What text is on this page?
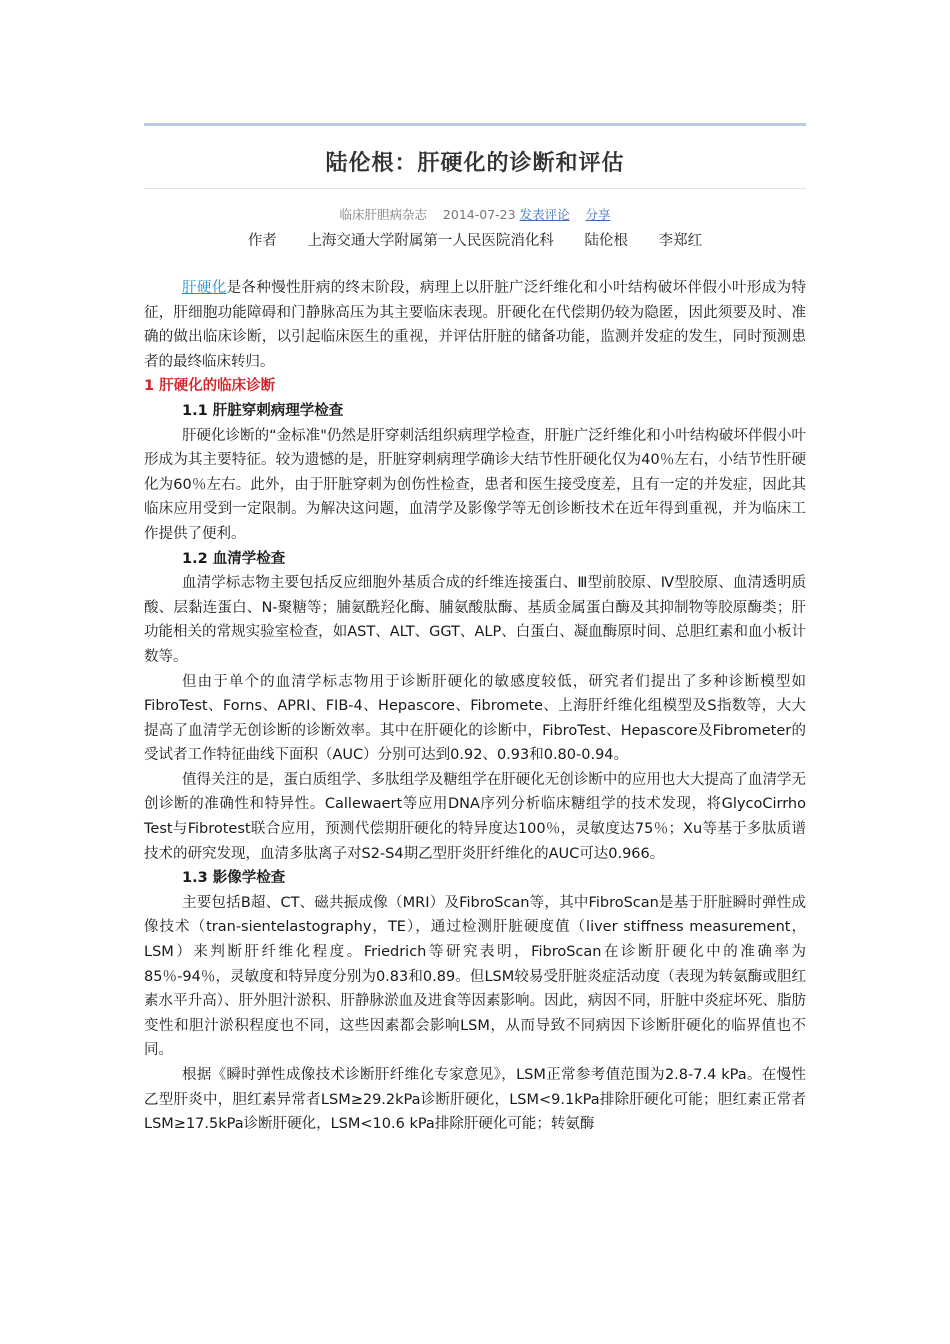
陆伦根：肝硬化的诊断和评估
临床肝胆病杂志 2014-07-23 发表评论 分享
作者 上海交通大学附属第一人民医院消化科 陆伦根 李郑红

肝硬化是各种慢性肝病的终末阶段，病理上以肝脏广泛纤维化和小叶结构破坏伴假小叶形成为特征，肝细胞功能障碍和门静脉高压为其主要临床表现。肝硬化在代偿期仍较为隐匿，因此须要及时、准确的做出临床诊断，以引起临床医生的重视，并评估肝脏的储备功能，监测并发症的发生，同时预测患者的最终临床转归。

1 肝硬化的临床诊断

1.1 肝脏穿刺病理学检查

肝硬化诊断的“金标准"仍然是肝穿刺活组织病理学检查，肝脏广泛纤维化和小叶结构破坏伴假小叶形成为其主要特征。较为遗憾的是，肝脏穿刺病理学确诊大结节性肝硬化仅为40％左右，小结节性肝硬化为60％左右。此外，由于肝脏穿刺为创伤性检查，患者和医生接受度差，且有一定的并发症，因此其临床应用受到一定限制。为解决这问题，血清学及影像学等无创诊断技术在近年得到重视，并为临床工作提供了便利。

1.2 血清学检查

血清学标志物主要包括反应细胞外基质合成的纤维连接蛋白、Ⅲ型前胶原、Ⅳ型胶原、血清透明质酸、层黏连蛋白、N-聚糖等；脯氨酰羟化酶、脯氨酸肽酶、基质金属蛋白酶及其抑制物等胶原酶类；肝功能相关的常规实验室检查，如AST、ALT、GGT、ALP、白蛋白、凝血酶原时间、总胆红素和血小板计数等。

但由于单个的血清学标志物用于诊断肝硬化的敏感度较低，研究者们提出了多种诊断模型如FibroTest、Forns、APRI、FIB-4、Hepascore、Fibromete、上海肝纤维化组模型及S指数等，大大提高了血清学无创诊断的诊断效率。其中在肝硬化的诊断中，FibroTest、Hepascore及Fibrometer的受试者工作特征曲线下面积（AUC）分别可达到0.92、0.93和0.80-0.94。

值得关注的是，蛋白质组学、多肽组学及糖组学在肝硬化无创诊断中的应用也大大提高了血清学无创诊断的准确性和特异性。Callewaert等应用DNA序列分析临床糖组学的技术发现，将GlycoCirrho Test与Fibrotest联合应用，预测代偿期肝硬化的特异度达100％，灵敏度达75％；Xu等基于多肽质谱技术的研究发现，血清多肽离子对S2-S4期乙型肝炎肝纤维化的AUC可达0.966。

1.3 影像学检查

主要包括B超、CT、磁共振成像（MRI）及FibroScan等，其中FibroScan是基于肝脏瞬时弹性成像技术（tran-sientelastography，TE），通过检测肝脏硬度值（liver stiffness measurement，LSM）来判断肝纤维化程度。Friedrich等研究表明，FibroScan在诊断肝硬化中的准确率为85％-94％，灵敏度和特异度分别为0.83和0.89。但LSM较易受肝脏炎症活动度（表现为转氨酶或胆红素水平升高）、肝外胆汁淤积、肝静脉淤血及进食等因素影响。因此，病因不同，肝脏中炎症坏死、脂肪变性和胆汁淤积程度也不同，这些因素都会影响LSM，从而导致不同病因下诊断肝硬化的临界值也不同。

根据《瞬时弹性成像技术诊断肝纤维化专家意见》，LSM正常参考值范围为2.8-7.4 kPa。在慢性乙型肝炎中，胆红素异常者LSM≥29.2kPa诊断肝硬化，LSM<9.1kPa排除肝硬化可能；胆红素正常者LSM≥17.5kPa诊断肝硬化，LSM<10.6 kPa排除肝硬化可能；转氨酶
